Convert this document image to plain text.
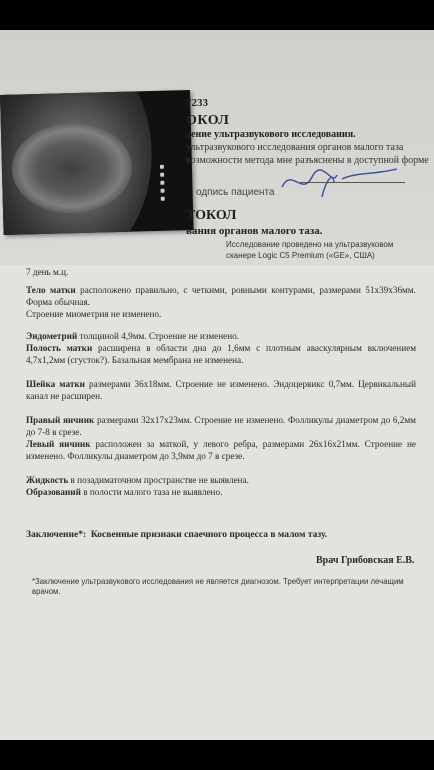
7233
ОКОЛ
дение ультразвукового исследования.
ультразвукового исследования органов малого таза
возможности метода мне разъяснены в доступной форме
одпись пациента
ТОКОЛ
вания органов малого таза.
Исследование проведено на ультразвуковом
сканере Logic C5 Premium («GE», США)
7 день м.ц.
Тело матки расположено правильно, с четкими, ровными контурами, размерами 51х39х36мм. Форма обычная.
Строение миометрия не изменено.
Эндометрий толщиной 4,9мм. Строение не изменено.
Полость матки расширена в области дна до 1,6мм с плотным аваскулярным включением 4,7х1,2мм (сгусток?). Базальная мембрана не изменена.
Шейка матки размерами 36х18мм. Строение не изменено. Эндоцервикс 0,7мм. Цервикальный канал не расширен.
Правый яичник размерами 32х17х23мм. Строение не изменено. Фолликулы диаметром до 6,2мм до 7-8 в срезе.
Левый яичник расположен за маткой, у левого ребра, размерами 26х16х21мм. Строение не изменено. Фолликулы диаметром до 3,9мм до 7 в срезе.
Жидкость в позадиматочном пространстве не выявлена.
Образований в полости малого таза не выявлено.
Заключение*: Косвенные признаки спаечного процесса в малом тазу.
Врач Грибовская Е.В.
*Заключение ультразвукового исследования не является диагнозом. Требует интерпретации лечащим врачом.
